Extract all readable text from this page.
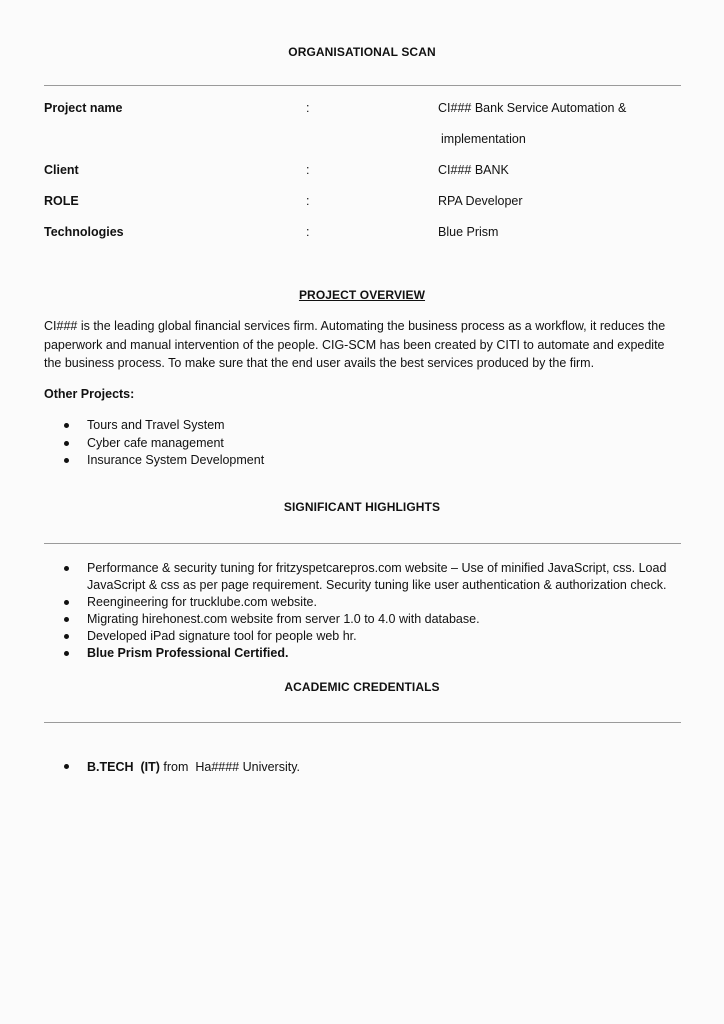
ORGANISATIONAL SCAN
Project name	:	CI### Bank Service Automation &
implementation
Client	:	CI### BANK
ROLE	:	RPA Developer
Technologies	:	Blue Prism
PROJECT OVERVIEW
CI### is the leading global financial services firm. Automating the business process as a workflow, it reduces the paperwork and manual intervention of the people. CIG-SCM has been created by CITI to automate and expedite the business process. To make sure that the end user avails the best services produced by the firm.
Other Projects:
Tours and Travel System
Cyber cafe management
Insurance System Development
SIGNIFICANT HIGHLIGHTS
Performance & security tuning for fritzyspetcarepros.com website – Use of minified JavaScript, css. Load JavaScript & css as per page requirement. Security tuning like user authentication & authorization check.
Reengineering for trucklube.com website.
Migrating hirehonest.com website from server 1.0 to 4.0 with database.
Developed iPad signature tool for people web hr.
Blue Prism Professional Certified.
ACADEMIC CREDENTIALS
B.TECH  (IT) from  Ha#### University.
